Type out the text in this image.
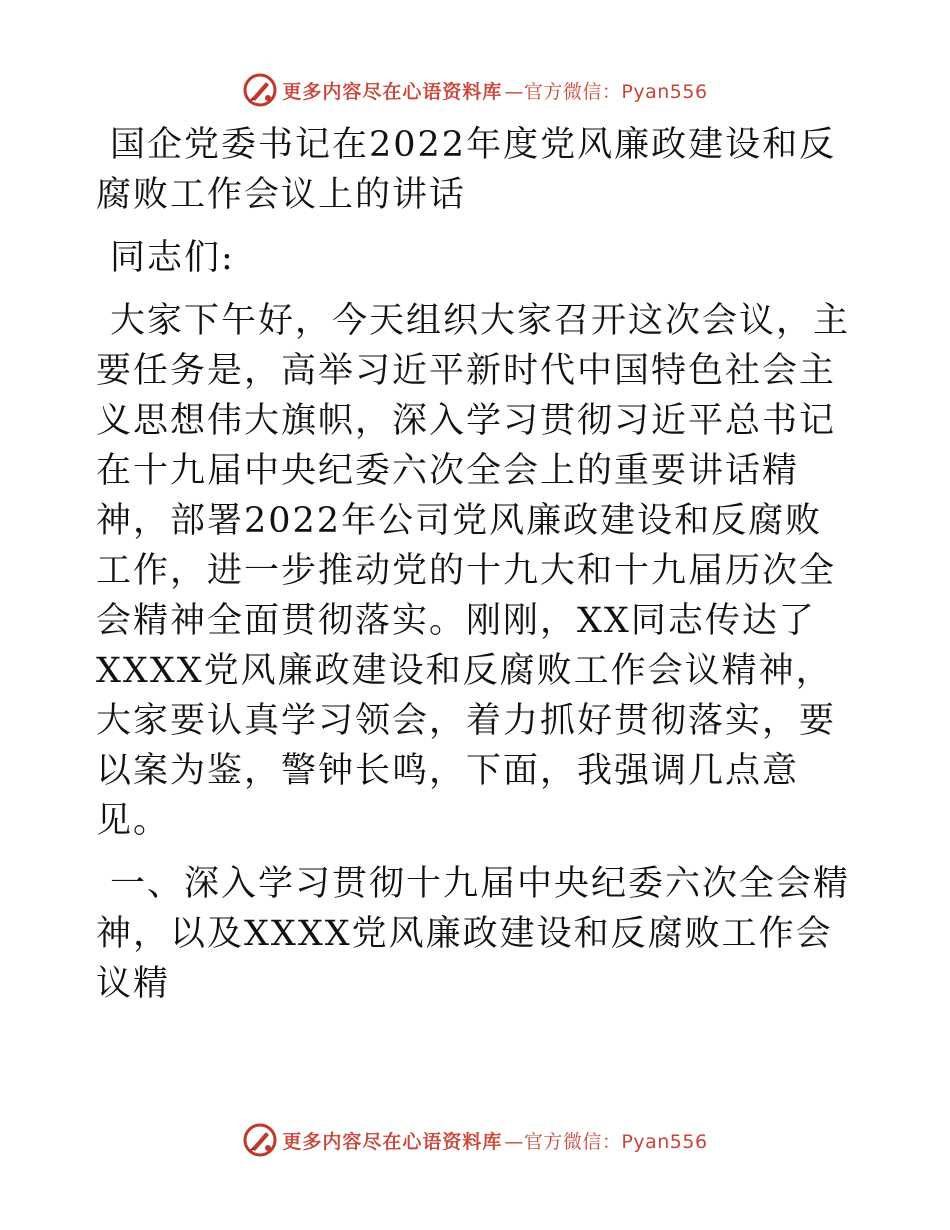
更多内容尽在心语资料库 —官方微信：Pyan556
国企党委书记在2022年度党风廉政建设和反腐败工作会议上的讲话

同志们:

大家下午好，今天组织大家召开这次会议，主要任务是，高举习近平新时代中国特色社会主义思想伟大旗帜，深入学习贯彻习近平总书记在十九届中央纪委六次全会上的重要讲话精神，部署2022年公司党风廉政建设和反腐败工作，进一步推动党的十九大和十九届历次全会精神全面贯彻落实。刚刚，XX同志传达了XXXX党风廉政建设和反腐败工作会议精神，大家要认真学习领会，着力抓好贯彻落实，要以案为鉴，警钟长鸣，下面，我强调几点意见。

一、深入学习贯彻十九届中央纪委六次全会精神，以及XXXX党风廉政建设和反腐败工作会议精

更多内容尽在心语资料库 —官方微信：Pyan556
